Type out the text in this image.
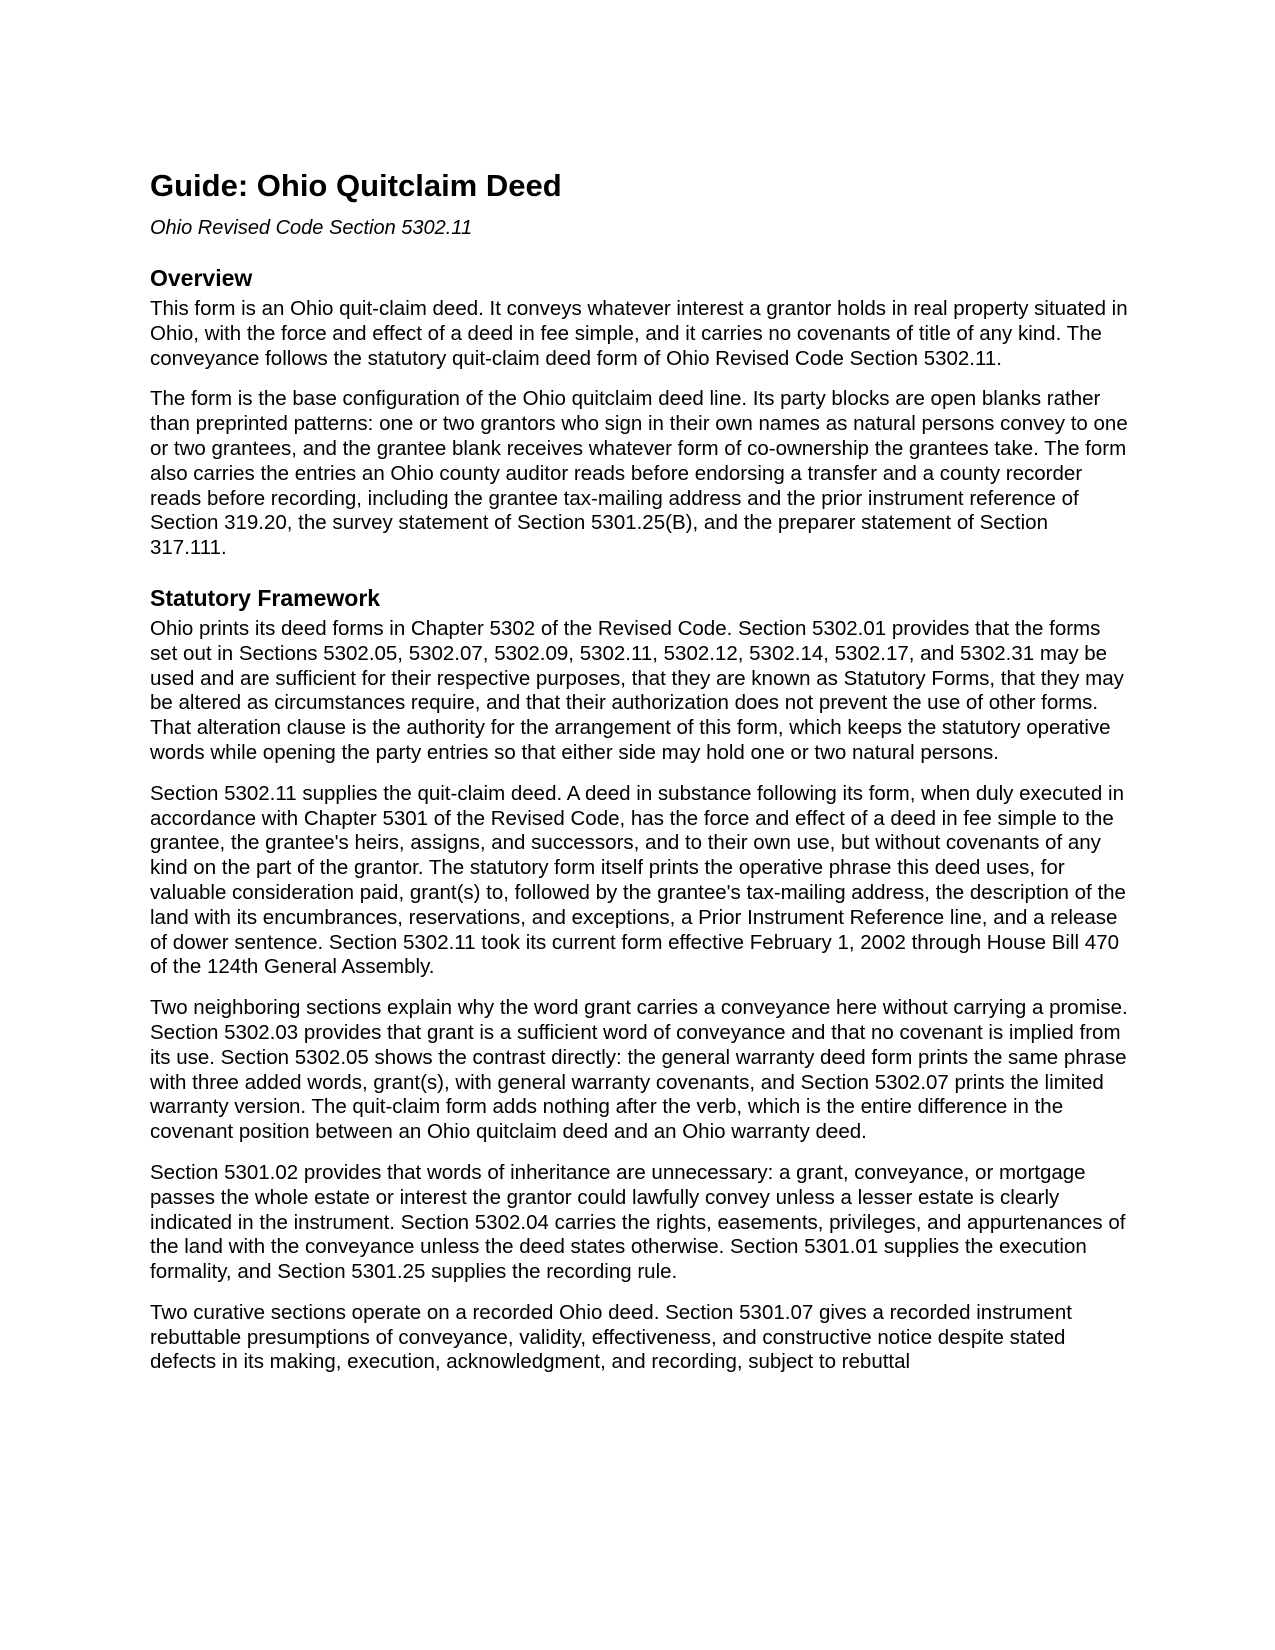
Guide: Ohio Quitclaim Deed
Ohio Revised Code Section 5302.11
Overview

This form is an Ohio quit-claim deed. It conveys whatever interest a grantor holds in real property situated in Ohio, with the force and effect of a deed in fee simple, and it carries no covenants of title of any kind. The conveyance follows the statutory quit-claim deed form of Ohio Revised Code Section 5302.11.

The form is the base configuration of the Ohio quitclaim deed line. Its party blocks are open blanks rather than preprinted patterns: one or two grantors who sign in their own names as natural persons convey to one or two grantees, and the grantee blank receives whatever form of co-ownership the grantees take. The form also carries the entries an Ohio county auditor reads before endorsing a transfer and a county recorder reads before recording, including the grantee tax-mailing address and the prior instrument reference of Section 319.20, the survey statement of Section 5301.25(B), and the preparer statement of Section 317.111.

Statutory Framework

Ohio prints its deed forms in Chapter 5302 of the Revised Code. Section 5302.01 provides that the forms set out in Sections 5302.05, 5302.07, 5302.09, 5302.11, 5302.12, 5302.14, 5302.17, and 5302.31 may be used and are sufficient for their respective purposes, that they are known as Statutory Forms, that they may be altered as circumstances require, and that their authorization does not prevent the use of other forms. That alteration clause is the authority for the arrangement of this form, which keeps the statutory operative words while opening the party entries so that either side may hold one or two natural persons.

Section 5302.11 supplies the quit-claim deed. A deed in substance following its form, when duly executed in accordance with Chapter 5301 of the Revised Code, has the force and effect of a deed in fee simple to the grantee, the grantee's heirs, assigns, and successors, and to their own use, but without covenants of any kind on the part of the grantor. The statutory form itself prints the operative phrase this deed uses, for valuable consideration paid, grant(s) to, followed by the grantee's tax-mailing address, the description of the land with its encumbrances, reservations, and exceptions, a Prior Instrument Reference line, and a release of dower sentence. Section 5302.11 took its current form effective February 1, 2002 through House Bill 470 of the 124th General Assembly.

Two neighboring sections explain why the word grant carries a conveyance here without carrying a promise. Section 5302.03 provides that grant is a sufficient word of conveyance and that no covenant is implied from its use. Section 5302.05 shows the contrast directly: the general warranty deed form prints the same phrase with three added words, grant(s), with general warranty covenants, and Section 5302.07 prints the limited warranty version. The quit-claim form adds nothing after the verb, which is the entire difference in the covenant position between an Ohio quitclaim deed and an Ohio warranty deed.

Section 5301.02 provides that words of inheritance are unnecessary: a grant, conveyance, or mortgage passes the whole estate or interest the grantor could lawfully convey unless a lesser estate is clearly indicated in the instrument. Section 5302.04 carries the rights, easements, privileges, and appurtenances of the land with the conveyance unless the deed states otherwise. Section 5301.01 supplies the execution formality, and Section 5301.25 supplies the recording rule.

Two curative sections operate on a recorded Ohio deed. Section 5301.07 gives a recorded instrument rebuttable presumptions of conveyance, validity, effectiveness, and constructive notice despite stated defects in its making, execution, acknowledgment, and recording, subject to rebuttal
